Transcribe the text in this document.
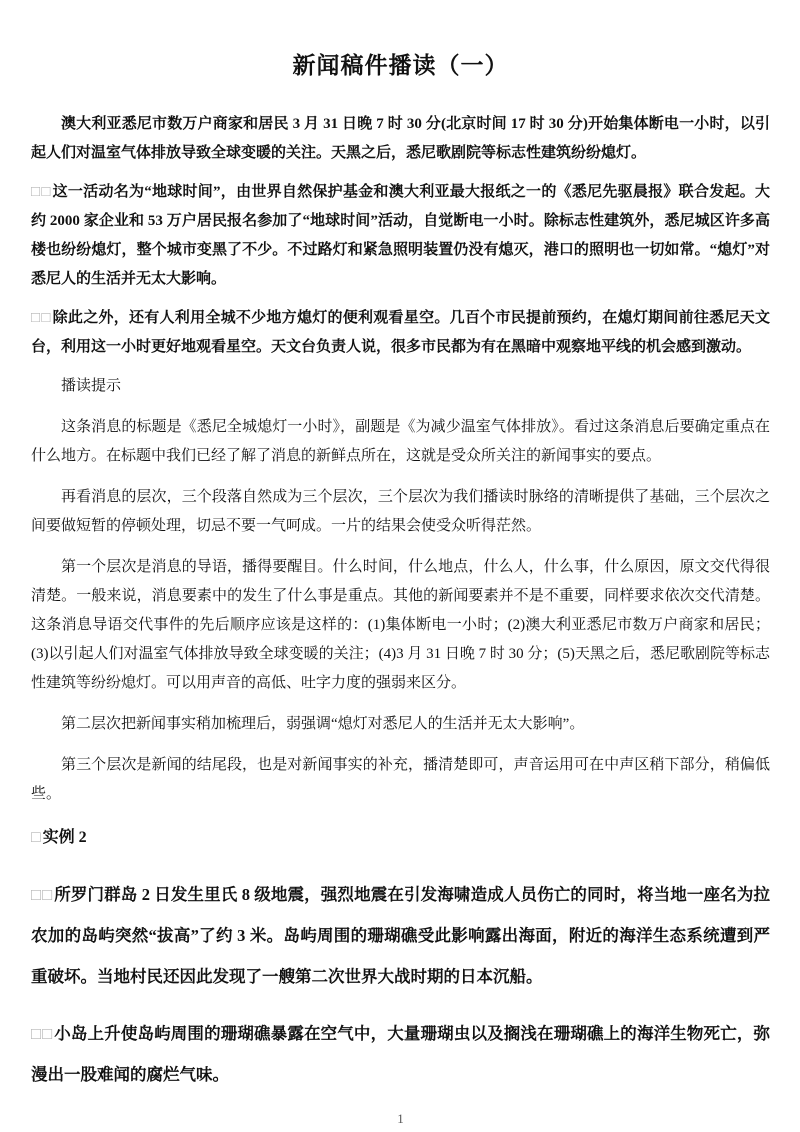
新闻稿件播读（一）

澳大利亚悉尼市数万户商家和居民 3 月 31 日晚 7 时 30 分(北京时间 17 时 30 分)开始集体断电一小时，以引起人们对温室气体排放导致全球变暖的关注。天黑之后，悉尼歌剧院等标志性建筑纷纷熄灯。

□□这一活动名为“地球时间”，由世界自然保护基金和澳大利亚最大报纸之一的《悉尼先驱晨报》联合发起。大约 2000 家企业和 53 万户居民报名参加了“地球时间”活动，自觉断电一小时。除标志性建筑外，悉尼城区许多高楼也纷纷熄灯，整个城市变黑了不少。不过路灯和紧急照明装置仍没有熄灭，港口的照明也一切如常。“熄灯”对悉尼人的生活并无太大影响。

□□除此之外，还有人利用全城不少地方熄灯的便利观看星空。几百个市民提前预约，在熄灯期间前往悉尼天文台，利用这一小时更好地观看星空。天文台负责人说，很多市民都为有在黑暗中观察地平线的机会感到激动。

播读提示

这条消息的标题是《悉尼全城熄灯一小时》，副题是《为减少温室气体排放》。看过这条消息后要确定重点在什么地方。在标题中我们已经了解了消息的新鲜点所在，这就是受众所关注的新闻事实的要点。

再看消息的层次，三个段落自然成为三个层次，三个层次为我们播读时脉络的清晰提供了基础，三个层次之间要做短暂的停顿处理，切忌不要一气呵成。一片的结果会使受众听得茫然。

第一个层次是消息的导语，播得要醒目。什么时间，什么地点，什么人，什么事，什么原因，原文交代得很清楚。一般来说，消息要素中的发生了什么事是重点。其他的新闻要素并不是不重要，同样要求依次交代清楚。这条消息导语交代事件的先后顺序应该是这样的：(1)集体断电一小时；(2)澳大利亚悉尼市数万户商家和居民；(3)以引起人们对温室气体排放导致全球变暖的关注；(4)3 月 31 日晚 7 时 30 分；(5)天黑之后，悉尼歌剧院等标志性建筑等纷纷熄灯。可以用声音的高低、吐字力度的强弱来区分。

第二层次把新闻事实稍加梳理后，弱强调“熄灯对悉尼人的生活并无太大影响”。

第三个层次是新闻的结尾段，也是对新闻事实的补充，播清楚即可，声音运用可在中声区稍下部分，稍偏低些。

□实例 2

□□所罗门群岛 2 日发生里氏 8 级地震，强烈地震在引发海啸造成人员伤亡的同时，将当地一座名为拉农加的岛屿突然“拔高”了约 3 米。岛屿周围的珊瑚礁受此影响露出海面，附近的海洋生态系统遭到严重破坏。当地村民还因此发现了一艘第二次世界大战时期的日本沉船。

□□小岛上升使岛屿周围的珊瑚礁暴露在空气中，大量珊瑚虫以及搁浅在珊瑚礁上的海洋生物死亡，弥漫出一股难闻的腐烂气味。

1
